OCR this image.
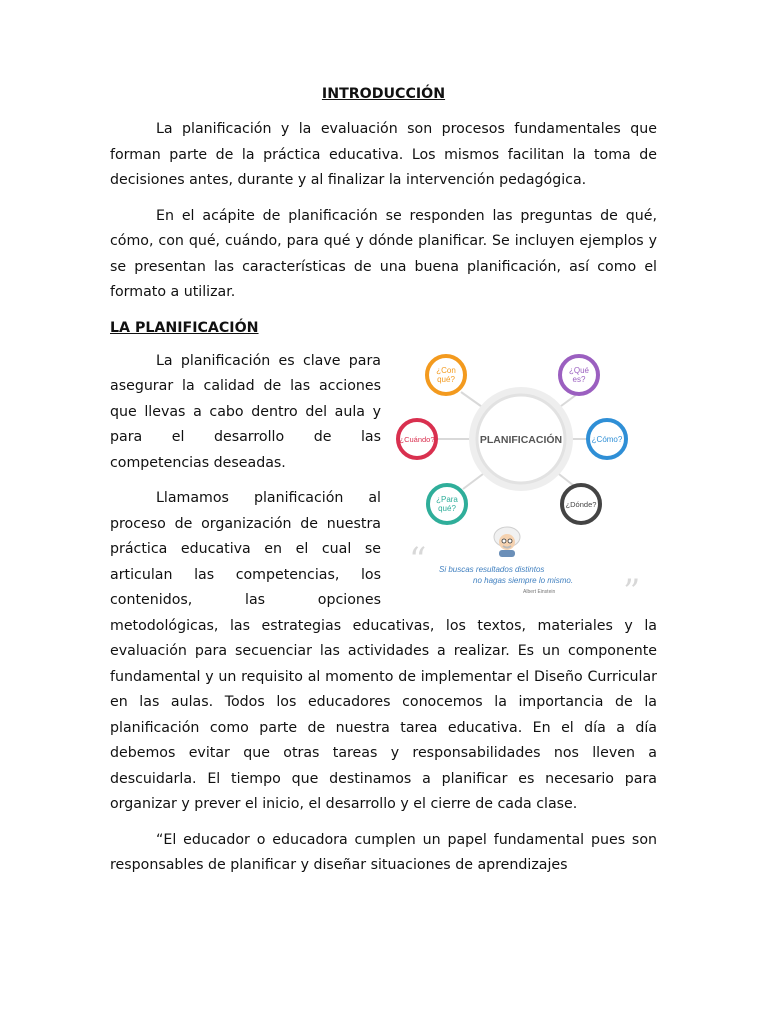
INTRODUCCIÓN

La planificación y la evaluación son procesos fundamentales que forman parte de la práctica educativa. Los mismos facilitan la toma de decisiones antes, durante y al finalizar la intervención pedagógica.

En el acápite de planificación se responden las preguntas de qué, cómo, con qué, cuándo, para qué y dónde planificar. Se incluyen ejemplos y se presentan las características de una buena planificación, así como el formato a utilizar.

LA PLANIFICACIÓN
PLANIFICACIÓN
¿Con
qué?
¿Qué
es?
¿Cuándo?	¿Cómo?
¿Para
qué?	¿Dónde?
“
”
Si buscas resultados distintos
no hagas siempre lo mismo.
Albert Einstein

La planificación es clave para asegurar la calidad de las acciones que llevas a cabo dentro del aula y para el desarrollo de las competencias deseadas.

Llamamos planificación al proceso de organización de nuestra práctica educativa en el cual se articulan las competencias, los contenidos, las opciones metodológicas, las estrategias educativas, los textos, materiales y la evaluación para secuenciar las actividades a realizar. Es un componente fundamental y un requisito al momento de implementar el Diseño Curricular en las aulas. Todos los educadores conocemos la importancia de la planificación como parte de nuestra tarea educativa. En el día a día debemos evitar que otras tareas y responsabilidades nos lleven a descuidarla. El tiempo que destinamos a planificar es necesario para organizar y prever el inicio, el desarrollo y el cierre de cada clase.

“El educador o educadora cumplen un papel fundamental pues son responsables de planificar y diseñar situaciones de aprendizajes
